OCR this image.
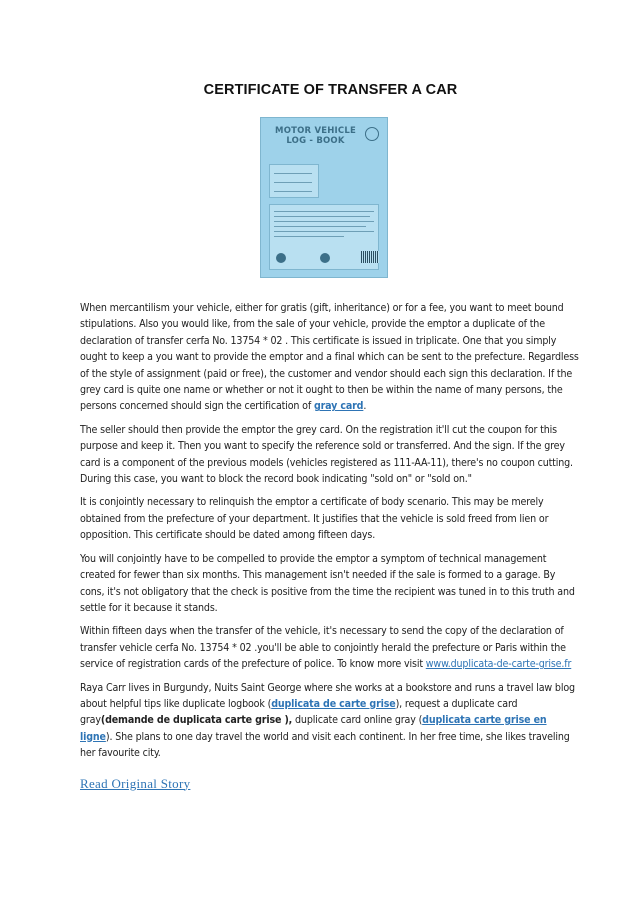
CERTIFICATE OF TRANSFER A CAR
MOTOR VEHICLE
LOG - BOOK

When mercantilism your vehicle, either for gratis (gift, inheritance) or for a fee, you want to meet bound stipulations. Also you would like, from the sale of your vehicle, provide the emptor a duplicate of the declaration of transfer cerfa No. 13754 * 02 . This certificate is issued in triplicate. One that you simply ought to keep a you want to provide the emptor and a final which can be sent to the prefecture. Regardless of the style of assignment (paid or free), the customer and vendor should each sign this declaration. If the grey card is quite one name or whether or not it ought to then be within the name of many persons, the persons concerned should sign the certification of gray card.

The seller should then provide the emptor the grey card. On the registration it'll cut the coupon for this purpose and keep it. Then you want to specify the reference sold or transferred. And the sign. If the grey card is a component of the previous models (vehicles registered as 111-AA-11), there's no coupon cutting. During this case, you want to block the record book indicating "sold on" or "sold on."

It is conjointly necessary to relinquish the emptor a certificate of body scenario. This may be merely obtained from the prefecture of your department. It justifies that the vehicle is sold freed from lien or opposition. This certificate should be dated among fifteen days.

You will conjointly have to be compelled to provide the emptor a symptom of technical management created for fewer than six months. This management isn't needed if the sale is formed to a garage. By cons, it's not obligatory that the check is positive from the time the recipient was tuned in to this truth and settle for it because it stands.

Within fifteen days when the transfer of the vehicle, it's necessary to send the copy of the declaration of transfer vehicle cerfa No. 13754 * 02 .you'll be able to conjointly herald the prefecture or Paris within the service of registration cards of the prefecture of police. To know more visit www.duplicata-de-carte-grise.fr

Raya Carr lives in Burgundy, Nuits Saint George where she works at a bookstore and runs a travel law blog about helpful tips like duplicate logbook (duplicata de carte grise), request a duplicate card gray(demande de duplicata carte grise ), duplicate card online gray (duplicata carte grise en ligne). She plans to one day travel the world and visit each continent. In her free time, she likes traveling her favourite city.

Read Original Story
